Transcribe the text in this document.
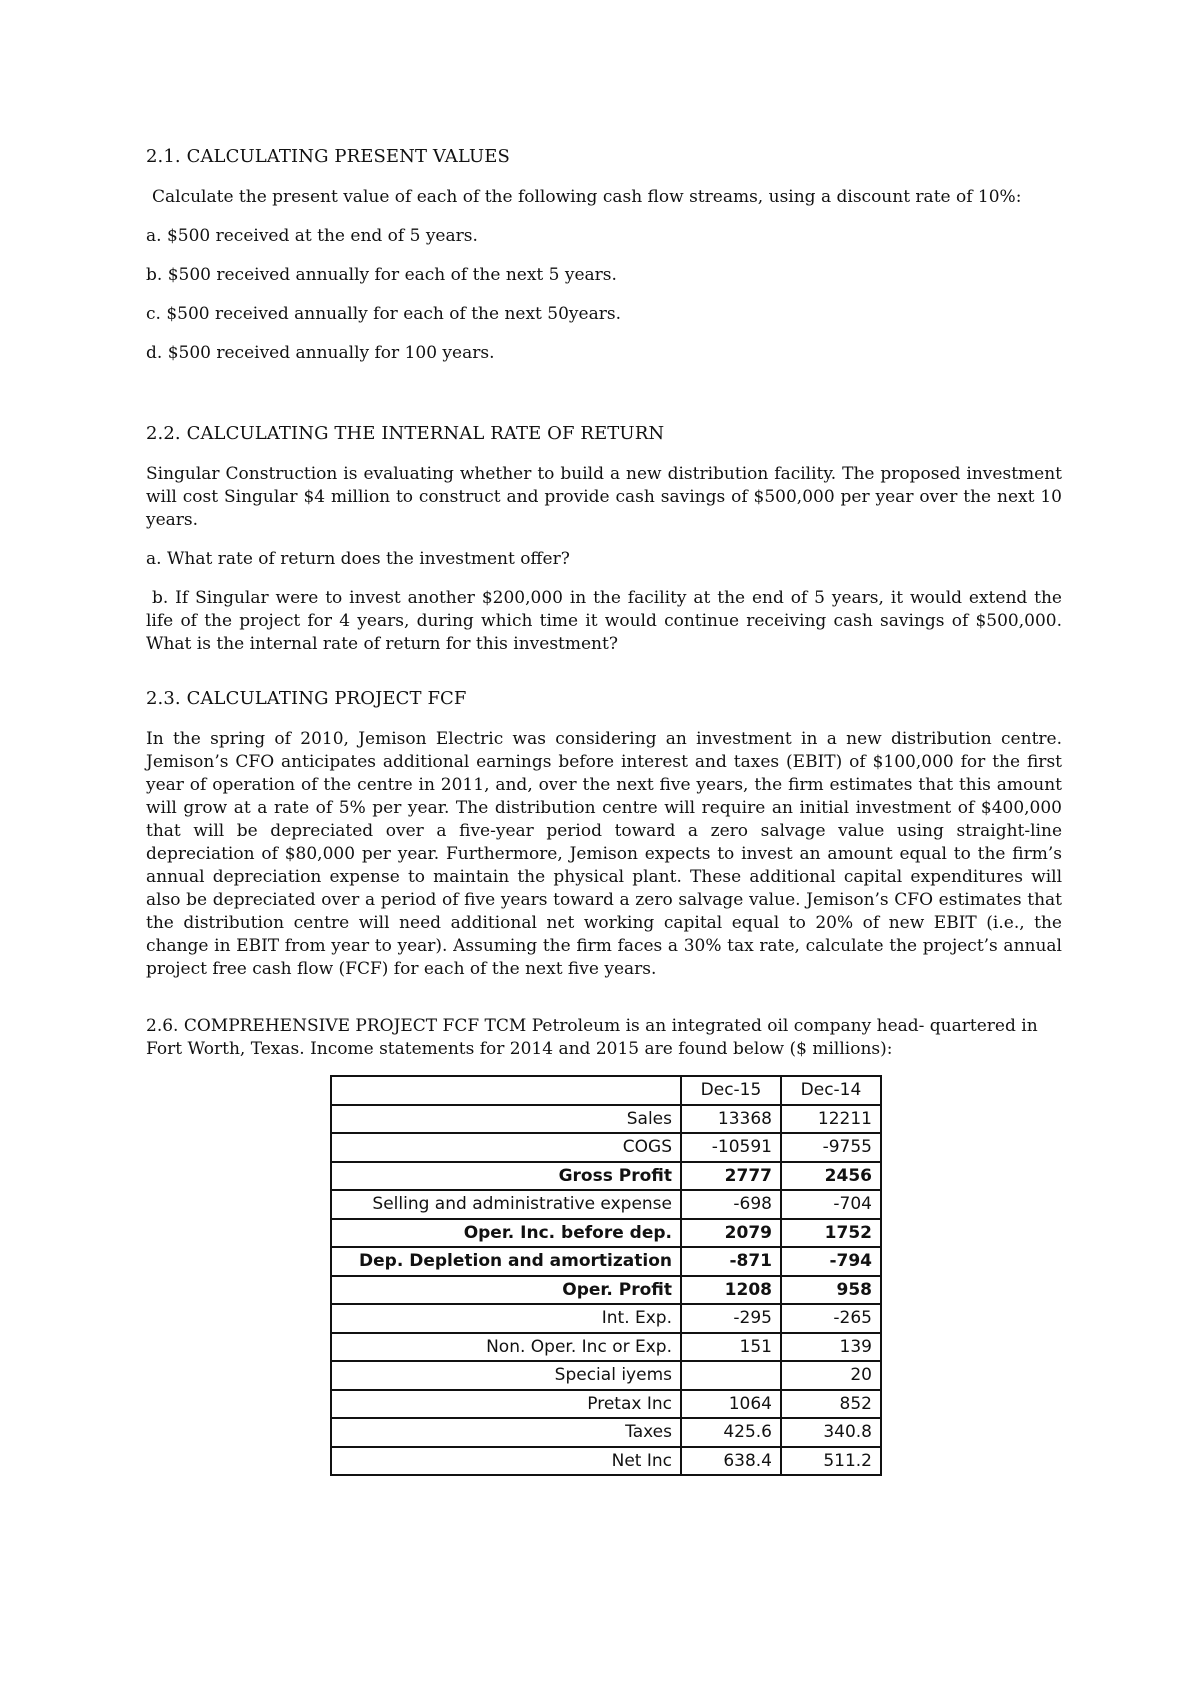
2.1. CALCULATING PRESENT VALUES
Calculate the present value of each of the following cash flow streams, using a discount rate of 10%:
a. $500 received at the end of 5 years.
b. $500 received annually for each of the next 5 years.
c. $500 received annually for each of the next 50years.
d. $500 received annually for 100 years.
2.2. CALCULATING THE INTERNAL RATE OF RETURN
Singular Construction is evaluating whether to build a new distribution facility. The proposed investment will cost Singular $4 million to construct and provide cash savings of $500,000 per year over the next 10 years.
a. What rate of return does the investment offer?
b. If Singular were to invest another $200,000 in the facility at the end of 5 years, it would extend the life of the project for 4 years, during which time it would continue receiving cash savings of $500,000. What is the internal rate of return for this investment?
2.3. CALCULATING PROJECT FCF
In the spring of 2010, Jemison Electric was considering an investment in a new distribution centre. Jemison’s CFO anticipates additional earnings before interest and taxes (EBIT) of $100,000 for the first year of operation of the centre in 2011, and, over the next five years, the firm estimates that this amount will grow at a rate of 5% per year. The distribution centre will require an initial investment of $400,000 that will be depreciated over a five-year period toward a zero salvage value using straight-line depreciation of $80,000 per year. Furthermore, Jemison expects to invest an amount equal to the firm’s annual depreciation expense to maintain the physical plant. These additional capital expenditures will also be depreciated over a period of five years toward a zero salvage value. Jemison’s CFO estimates that the distribution centre will need additional net working capital equal to 20% of new EBIT (i.e., the change in EBIT from year to year). Assuming the firm faces a 30% tax rate, calculate the project’s annual project free cash flow (FCF) for each of the next five years.
2.6. COMPREHENSIVE PROJECT FCF TCM Petroleum is an integrated oil company head- quartered in Fort Worth, Texas. Income statements for 2014 and 2015 are found below ($ millions):
	Dec-15	Dec-14
Sales	13368	12211
COGS	-10591	-9755
Gross Profit	2777	2456
Selling and administrative expense	-698	-704
Oper. Inc. before dep.	2079	1752
Dep. Depletion and amortization	-871	-794
Oper. Profit	1208	958
Int. Exp.	-295	-265
Non. Oper. Inc or Exp.	151	139
Special iyems		20
Pretax Inc	1064	852
Taxes	425.6	340.8
Net Inc	638.4	511.2
